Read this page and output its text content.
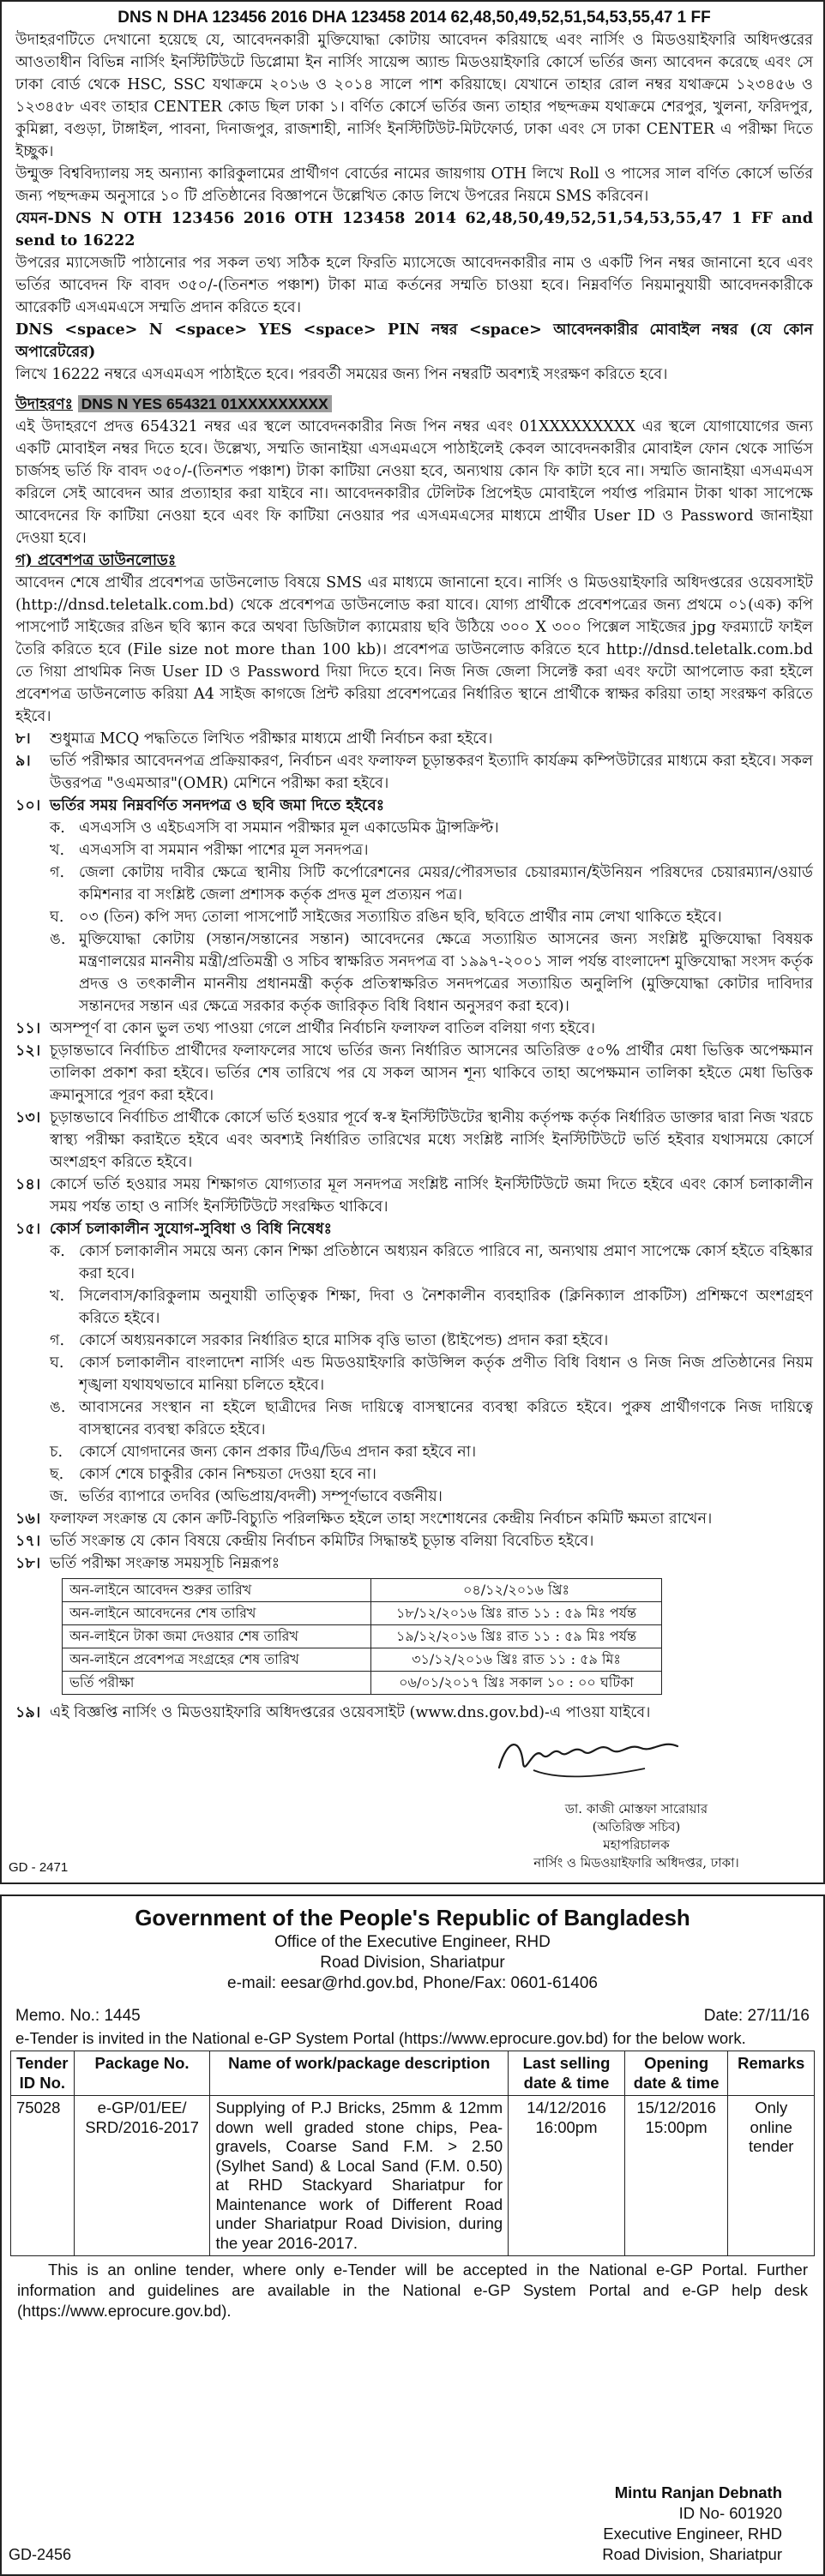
DNS N DHA 123456 2016 DHA 123458 2014 62,48,50,49,52,51,54,53,55,47 1 FF

উদাহরণটিতে দেখানো হয়েছে যে, আবেদনকারী মুক্তিযোদ্ধা কোটায় আবেদন করিয়াছে এবং নার্সিং ও মিডওয়াইফারি অধিদপ্তরের আওতাধীন বিভিন্ন নার্সিং ইনস্টিটিউটে ডিপ্লোমা ইন নার্সিং সায়েন্স অ্যান্ড মিডওয়াইফারি কোর্সে ভর্তির জন্য আবেদন করেছে এবং সে ঢাকা বোর্ড থেকে HSC, SSC যথাক্রমে ২০১৬ ও ২০১৪ সালে পাশ করিয়াছে। যেখানে তাহার রোল নম্বর যথাক্রমে ১২৩৪৫৬ ও ১২৩৪৫৮ এবং তাহার CENTER কোড ছিল ঢাকা ১। বর্ণিত কোর্সে ভর্তির জন্য তাহার পছন্দক্রম যথাক্রমে শেরপুর, খুলনা, ফরিদপুর, কুমিল্লা, বগুড়া, টাঙ্গাইল, পাবনা, দিনাজপুর, রাজশাহী, নার্সিং ইনস্টিটিউট-মিটফোর্ড, ঢাকা এবং সে ঢাকা CENTER এ পরীক্ষা দিতে ইচ্ছুক।

উন্মুক্ত বিশ্ববিদ্যালয় সহ অন্যান্য কারিকুলামের প্রার্থীগণ বোর্ডের নামের জায়গায় OTH লিখে Roll ও পাসের সাল বর্ণিত কোর্সে ভর্তির জন্য পছন্দক্রম অনুসারে ১০ টি প্রতিষ্ঠানের বিজ্ঞাপনে উল্লেখিত কোড লিখে উপরের নিয়মে SMS করিবেন।

যেমন-DNS N OTH 123456 2016 OTH 123458 2014 62,48,50,49,52,51,54,53,55,47 1 FF and send to 16222

উপরের ম্যাসেজটি পাঠানোর পর সকল তথ্য সঠিক হলে ফিরতি ম্যাসেজে আবেদনকারীর নাম ও একটি পিন নম্বর জানানো হবে এবং ভর্তির আবেদন ফি বাবদ ৩৫০/-(তিনশত পঞ্চাশ) টাকা মাত্র কর্তনের সম্মতি চাওয়া হবে। নিম্নবর্ণিত নিয়মানুযায়ী আবেদনকারীকে আরেকটি এসএমএসে সম্মতি প্রদান করিতে হবে।

DNS <space> N <space> YES <space> PIN নম্বর <space> আবেদনকারীর মোবাইল নম্বর (যে কোন অপারেটরের)

লিখে 16222 নম্বরে এসএমএস পাঠাইতে হবে। পরবর্তী সময়ের জন্য পিন নম্বরটি অবশ্যই সংরক্ষণ করিতে হবে।

উদাহরণঃ DNS N YES 654321 01XXXXXXXXX

এই উদাহরণে প্রদত্ত 654321 নম্বর এর স্থলে আবেদনকারীর নিজ পিন নম্বর এবং 01XXXXXXXXX এর স্থলে যোগাযোগের জন্য একটি মোবাইল নম্বর দিতে হবে। উল্লেখ্য, সম্মতি জানাইয়া এসএমএসে পাঠাইলেই কেবল আবেদনকারীর মোবাইল ফোন থেকে সার্ভিস চার্জসহ ভর্তি ফি বাবদ ৩৫০/-(তিনশত পঞ্চাশ) টাকা কাটিয়া নেওয়া হবে, অন্যথায় কোন ফি কাটা হবে না। সম্মতি জানাইয়া এসএমএস করিলে সেই আবেদন আর প্রত্যাহার করা যাইবে না। আবেদনকারীর টেলিটক প্রিপেইড মোবাইলে পর্যাপ্ত পরিমান টাকা থাকা সাপেক্ষে আবেদনের ফি কাটিয়া নেওয়া হবে এবং ফি কাটিয়া নেওয়ার পর এসএমএসের মাধ্যমে প্রার্থীর User ID ও Password জানাইয়া দেওয়া হবে।

গ) প্রবেশপত্র ডাউনলোডঃ

আবেদন শেষে প্রার্থীর প্রবেশপত্র ডাউনলোড বিষয়ে SMS এর মাধ্যমে জানানো হবে। নার্সিং ও মিডওয়াইফারি অধিদপ্তরের ওয়েবসাইট (http://dnsd.teletalk.com.bd) থেকে প্রবেশপত্র ডাউনলোড করা যাবে। যোগ্য প্রার্থীকে প্রবেশপত্রের জন্য প্রথমে ০১(এক) কপি পাসপোর্ট সাইজের রঙিন ছবি স্ক্যান করে অথবা ডিজিটাল ক্যামেরায় ছবি উঠিয়ে ৩০০ X ৩০০ পিক্সেল সাইজের jpg ফরম্যাটে ফাইল তৈরি করিতে হবে (File size not more than 100 kb)। প্রবেশপত্র ডাউনলোড করিতে হবে http://dnsd.teletalk.com.bd তে গিয়া প্রাথমিক নিজ User ID ও Password দিয়া দিতে হবে। নিজ নিজ জেলা সিলেক্ট করা এবং ফটো আপলোড করা হইলে প্রবেশপত্র ডাউনলোড করিয়া A4 সাইজ কাগজে প্রিন্ট করিয়া প্রবেশপত্রের নির্ধারিত স্থানে প্রার্থীকে স্বাক্ষর করিয়া তাহা সংরক্ষণ করিতে হইবে।

৮।	শুধুমাত্র MCQ পদ্ধতিতে লিখিত পরীক্ষার মাধ্যমে প্রার্থী নির্বাচন করা হইবে।
৯।	ভর্তি পরীক্ষার আবেদনপত্র প্রক্রিয়াকরণ, নির্বাচন এবং ফলাফল চূড়ান্তকরণ ইত্যাদি কার্যক্রম কম্পিউটারের মাধ্যমে করা হইবে। সকল উত্তরপত্র "ওএমআর"(OMR) মেশিনে পরীক্ষা করা হইবে।
১০। ভর্তির সময় নিম্নবর্ণিত সনদপত্র ও ছবি জমা দিতে হইবেঃ
ক. এসএসসি ও এইচএসসি বা সমমান পরীক্ষার মূল একাডেমিক ট্রান্সক্রিপ্ট।
খ. এসএসসি বা সমমান পরীক্ষা পাশের মূল সনদপত্র।
গ. জেলা কোটায় দাবীর ক্ষেত্রে স্থানীয় সিটি কর্পোরেশনের মেয়র/পৌরসভার চেয়ারম্যান/ইউনিয়ন পরিষদের চেয়ারম্যান/ওয়ার্ড কমিশনার বা সংশ্লিষ্ট জেলা প্রশাসক কর্তৃক প্রদত্ত মূল প্রত্যয়ন পত্র।
ঘ. ০৩ (তিন) কপি সদ্য তোলা পাসপোর্ট সাইজের সত্যায়িত রঙিন ছবি, ছবিতে প্রার্থীর নাম লেখা থাকিতে হইবে।
ঙ. মুক্তিযোদ্ধা কোটায় (সন্তান/সন্তানের সন্তান) আবেদনের ক্ষেত্রে সত্যায়িত আসনের জন্য সংশ্লিষ্ট মুক্তিযোদ্ধা বিষয়ক মন্ত্রণালয়ের মাননীয় মন্ত্রী/প্রতিমন্ত্রী ও সচিব স্বাক্ষরিত সনদপত্র বা ১৯৯৭-২০০১ সাল পর্যন্ত বাংলাদেশ মুক্তিযোদ্ধা সংসদ কর্তৃক প্রদত্ত ও তৎকালীন মাননীয় প্রধানমন্ত্রী কর্তৃক প্রতিস্বাক্ষরিত সনদপত্রের সত্যায়িত অনুলিপি (মুক্তিযোদ্ধা কোটার দাবিদার সন্তানদের সন্তান এর ক্ষেত্রে সরকার কর্তৃক জারিকৃত বিধি বিধান অনুসরণ করা হবে)।
১১। অসম্পূর্ণ বা কোন ভুল তথ্য পাওয়া গেলে প্রার্থীর নির্বাচনি ফলাফল বাতিল বলিয়া গণ্য হইবে।
১২। চূড়ান্তভাবে নির্বাচিত প্রার্থীদের ফলাফলের সাথে ভর্তির জন্য নির্ধারিত আসনের অতিরিক্ত ৫০% প্রার্থীর মেধা ভিত্তিক অপেক্ষমান তালিকা প্রকাশ করা হইবে। ভর্তির শেষ তারিখে পর যে সকল আসন শূন্য থাকিবে তাহা অপেক্ষমান তালিকা হইতে মেধা ভিত্তিক ক্রমানুসারে পূরণ করা হইবে।
১৩। চূড়ান্তভাবে নির্বাচিত প্রার্থীকে কোর্সে ভর্তি হওয়ার পূর্বে স্ব-স্ব ইনস্টিটিউটের স্থানীয় কর্তৃপক্ষ কর্তৃক নির্ধারিত ডাক্তার দ্বারা নিজ খরচে স্বাস্থ্য পরীক্ষা করাইতে হইবে এবং অবশ্যই নির্ধারিত তারিখের মধ্যে সংশ্লিষ্ট নার্সিং ইনস্টিটিউটে ভর্তি হইবার যথাসময়ে কোর্সে অংশগ্রহণ করিতে হইবে।
১৪। কোর্সে ভর্তি হওয়ার সময় শিক্ষাগত যোগ্যতার মূল সনদপত্র সংশ্লিষ্ট নার্সিং ইনস্টিটিউটে জমা দিতে হইবে এবং কোর্স চলাকালীন সময় পর্যন্ত তাহা ও নার্সিং ইনস্টিটিউটে সংরক্ষিত থাকিবে।
১৫। কোর্স চলাকালীন সুযোগ-সুবিধা ও বিধি নিষেধঃ
ক. কোর্স চলাকালীন সময়ে অন্য কোন শিক্ষা প্রতিষ্ঠানে অধ্যয়ন করিতে পারিবে না, অন্যথায় প্রমাণ সাপেক্ষে কোর্স হইতে বহিষ্কার করা হবে।
খ. সিলেবাস/কারিকুলাম অনুযায়ী তাত্ত্বিক শিক্ষা, দিবা ও নৈশকালীন ব্যবহারিক (ক্লিনিক্যাল প্রাকটিস) প্রশিক্ষণে অংশগ্রহণ করিতে হইবে।
গ. কোর্সে অধ্যয়নকালে সরকার নির্ধারিত হারে মাসিক বৃত্তি ভাতা (ষ্টাইপেন্ড) প্রদান করা হইবে।
ঘ. কোর্স চলাকালীন বাংলাদেশ নার্সিং এন্ড মিডওয়াইফারি কাউন্সিল কর্তৃক প্রণীত বিধি বিধান ও নিজ নিজ প্রতিষ্ঠানের নিয়ম শৃঙ্খলা যথাযথভাবে মানিয়া চলিতে হইবে।
ঙ. আবাসনের সংস্থান না হইলে ছাত্রীদের নিজ দায়িত্বে বাসস্থানের ব্যবস্থা করিতে হইবে। পুরুষ প্রার্থীগণকে নিজ দায়িত্বে বাসস্থানের ব্যবস্থা করিতে হইবে।
চ.	কোর্সে যোগদানের জন্য কোন প্রকার টিএ/ডিএ প্রদান করা হইবে না।
ছ.	কোর্স শেষে চাকুরীর কোন নিশ্চয়তা দেওয়া হবে না।
জ. ভর্তির ব্যাপারে তদবির (অভিপ্রায়/বদলী) সম্পূর্ণভাবে বর্জনীয়।
১৬। ফলাফল সংক্রান্ত যে কোন ক্রটি-বিচ্যুতি পরিলক্ষিত হইলে তাহা সংশোধনের কেন্দ্রীয় নির্বাচন কমিটি ক্ষমতা রাখেন।
১৭। ভর্তি সংক্রান্ত যে কোন বিষয়ে কেন্দ্রীয় নির্বাচন কমিটির সিদ্ধান্তই চূড়ান্ত বলিয়া বিবেচিত হইবে।
১৮। ভর্তি পরীক্ষা সংক্রান্ত সময়সূচি নিম্নরূপঃ
অন-লাইনে আবেদন শুরুর তারিখ	০৪/১২/২০১৬ খ্রিঃ
অন-লাইনে আবেদনের শেষ তারিখ	১৮/১২/২০১৬ খ্রিঃ রাত ১১ : ৫৯ মিঃ পর্যন্ত
অন-লাইনে টাকা জমা দেওয়ার শেষ তারিখ	১৯/১২/২০১৬ খ্রিঃ রাত ১১ : ৫৯ মিঃ পর্যন্ত
অন-লাইনে প্রবেশপত্র সংগ্রহের শেষ তারিখ	৩১/১২/২০১৬ খ্রিঃ রাত ১১ : ৫৯ মিঃ
ভর্তি পরীক্ষা	০৬/০১/২০১৭ খ্রিঃ সকাল ১০ : ০০ ঘটিকা
১৯। এই বিজ্ঞপ্তি নার্সিং ও মিডওয়াইফারি অধিদপ্তরের ওয়েবসাইট (www.dns.gov.bd)-এ পাওয়া যাইবে।
ডা. কাজী মোস্তফা সারোয়ার
(অতিরিক্ত সচিব)
মহাপরিচালক
নার্সিং ও মিডওয়াইফারি অধিদপ্তর, ঢাকা।
GD - 2471
Government of the People's Republic of Bangladesh
Office of the Executive Engineer, RHD
Road Division, Shariatpur
e-mail: eesar@rhd.gov.bd, Phone/Fax: 0601-61406
Memo. No.: 1445	Date: 27/11/16
e-Tender is invited in the National e-GP System Portal (https://www.eprocure.gov.bd) for the below work.
Tender ID No.	Package No.	Name of work/package description	Last selling date & time	Opening date & time	Remarks
75028	e-GP/01/EE/ SRD/2016-2017	Supplying of P.J Bricks, 25mm & 12mm down well graded stone chips, Pea-gravels, Coarse Sand F.M. > 2.50 (Sylhet Sand) & Local Sand (F.M. 0.50) at RHD Stackyard Shariatpur for Maintenance work of Different Road under Shariatpur Road Division, during the year 2016-2017.	14/12/2016 16:00pm	15/12/2016 15:00pm	Only online tender

This is an online tender, where only e-Tender will be accepted in the National e-GP Portal. Further information and guidelines are available in the National e-GP System Portal and e-GP help desk (https://www.eprocure.gov.bd).

Mintu Ranjan Debnath
ID No- 601920
Executive Engineer, RHD
Road Division, Shariatpur
GD-2456
